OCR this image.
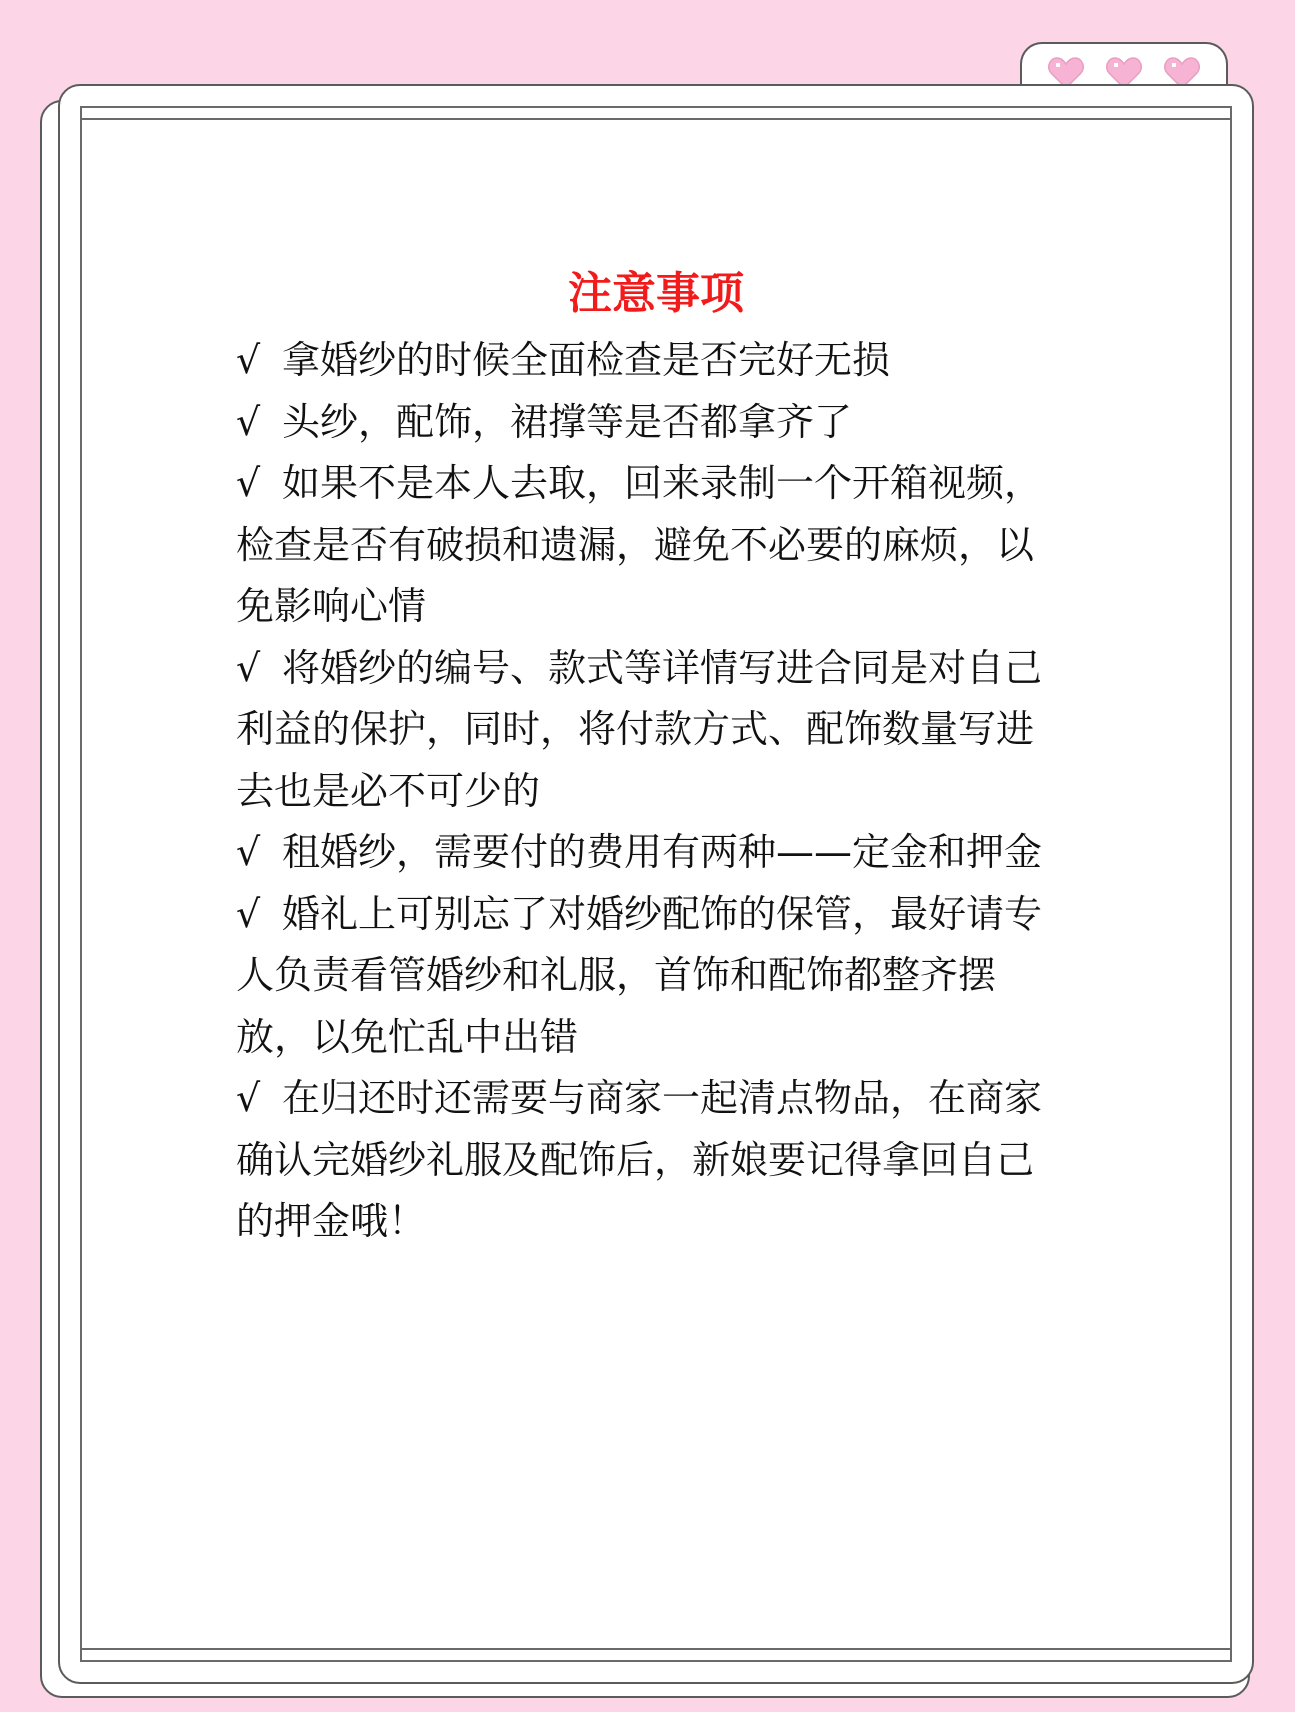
注意事项

√ 拿婚纱的时候全面检查是否完好无损

√ 头纱，配饰，裙撑等是否都拿齐了

√ 如果不是本人去取，回来录制一个开箱视频，检查是否有破损和遗漏，避免不必要的麻烦，以免影响心情

√ 将婚纱的编号、款式等详情写进合同是对自己利益的保护，同时，将付款方式、配饰数量写进去也是必不可少的

√ 租婚纱，需要付的费用有两种——定金和押金

√ 婚礼上可别忘了对婚纱配饰的保管，最好请专人负责看管婚纱和礼服，首饰和配饰都整齐摆放，以免忙乱中出错

√ 在归还时还需要与商家一起清点物品，在商家确认完婚纱礼服及配饰后，新娘要记得拿回自己的押金哦！
